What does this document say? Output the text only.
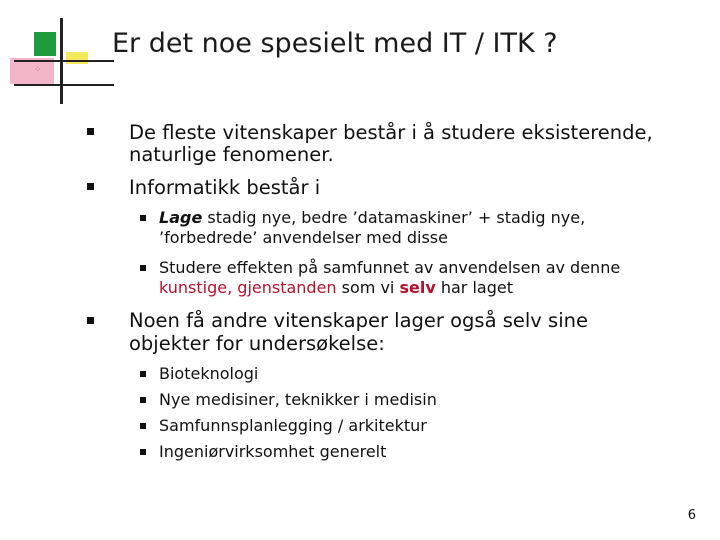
⁘
Er det noe spesielt med IT / ITK ?
De fleste vitenskaper består i å studere eksisterende,
naturlige fenomener.
Informatikk består i
Lage stadig nye, bedre ’datamaskiner’ + stadig nye,
’forbedrede’ anvendelser med disse
Studere effekten på samfunnet av anvendelsen av denne
kunstige, gjenstanden som vi selv har laget
Noen få andre vitenskaper lager også selv sine
objekter for undersøkelse:
Bioteknologi
Nye medisiner, teknikker i medisin
Samfunnsplanlegging / arkitektur
Ingeniørvirksomhet generelt
6
